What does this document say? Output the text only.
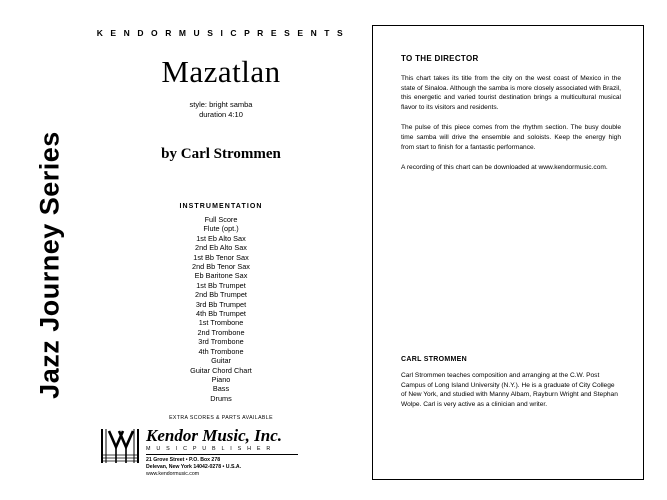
Jazz Journey Series
K E N D O R M U S I C P R E S E N T S
Mazatlan
style: bright samba
duration 4:10
by Carl Strommen
INSTRUMENTATION
Full Score
Flute (opt.)
1st Eb Alto Sax
2nd Eb Alto Sax
1st Bb Tenor Sax
2nd Bb Tenor Sax
Eb Baritone Sax
1st Bb Trumpet
2nd Bb Trumpet
3rd Bb Trumpet
4th Bb Trumpet
1st Trombone
2nd Trombone
3rd Trombone
4th Trombone
Guitar
Guitar Chord Chart
Piano
Bass
Drums
EXTRA SCORES & PARTS AVAILABLE
Kendor Music, Inc.
M U S I C P U B L I S H E R
21 Grove Street • P.O. Box 278
Delevan, New York 14042-0278 • U.S.A.
www.kendormusic.com
TO THE DIRECTOR
This chart takes its title from the city on the west coast of Mexico in the state of Sinaloa. Although the samba is more closely associated with Brazil, this energetic and varied tourist destination brings a multicultural musical flavor to its visitors and residents.
The pulse of this piece comes from the rhythm section. The busy double time samba will drive the ensemble and soloists. Keep the energy high from start to finish for a fantastic performance.
A recording of this chart can be downloaded at www.kendormusic.com.
CARL STROMMEN
Carl Strommen teaches composition and arranging at the C.W. Post Campus of Long Island University (N.Y.). He is a graduate of City College of New York, and studied with Manny Albam, Rayburn Wright and Stephan Wolpe. Carl is very active as a clinician and writer.
